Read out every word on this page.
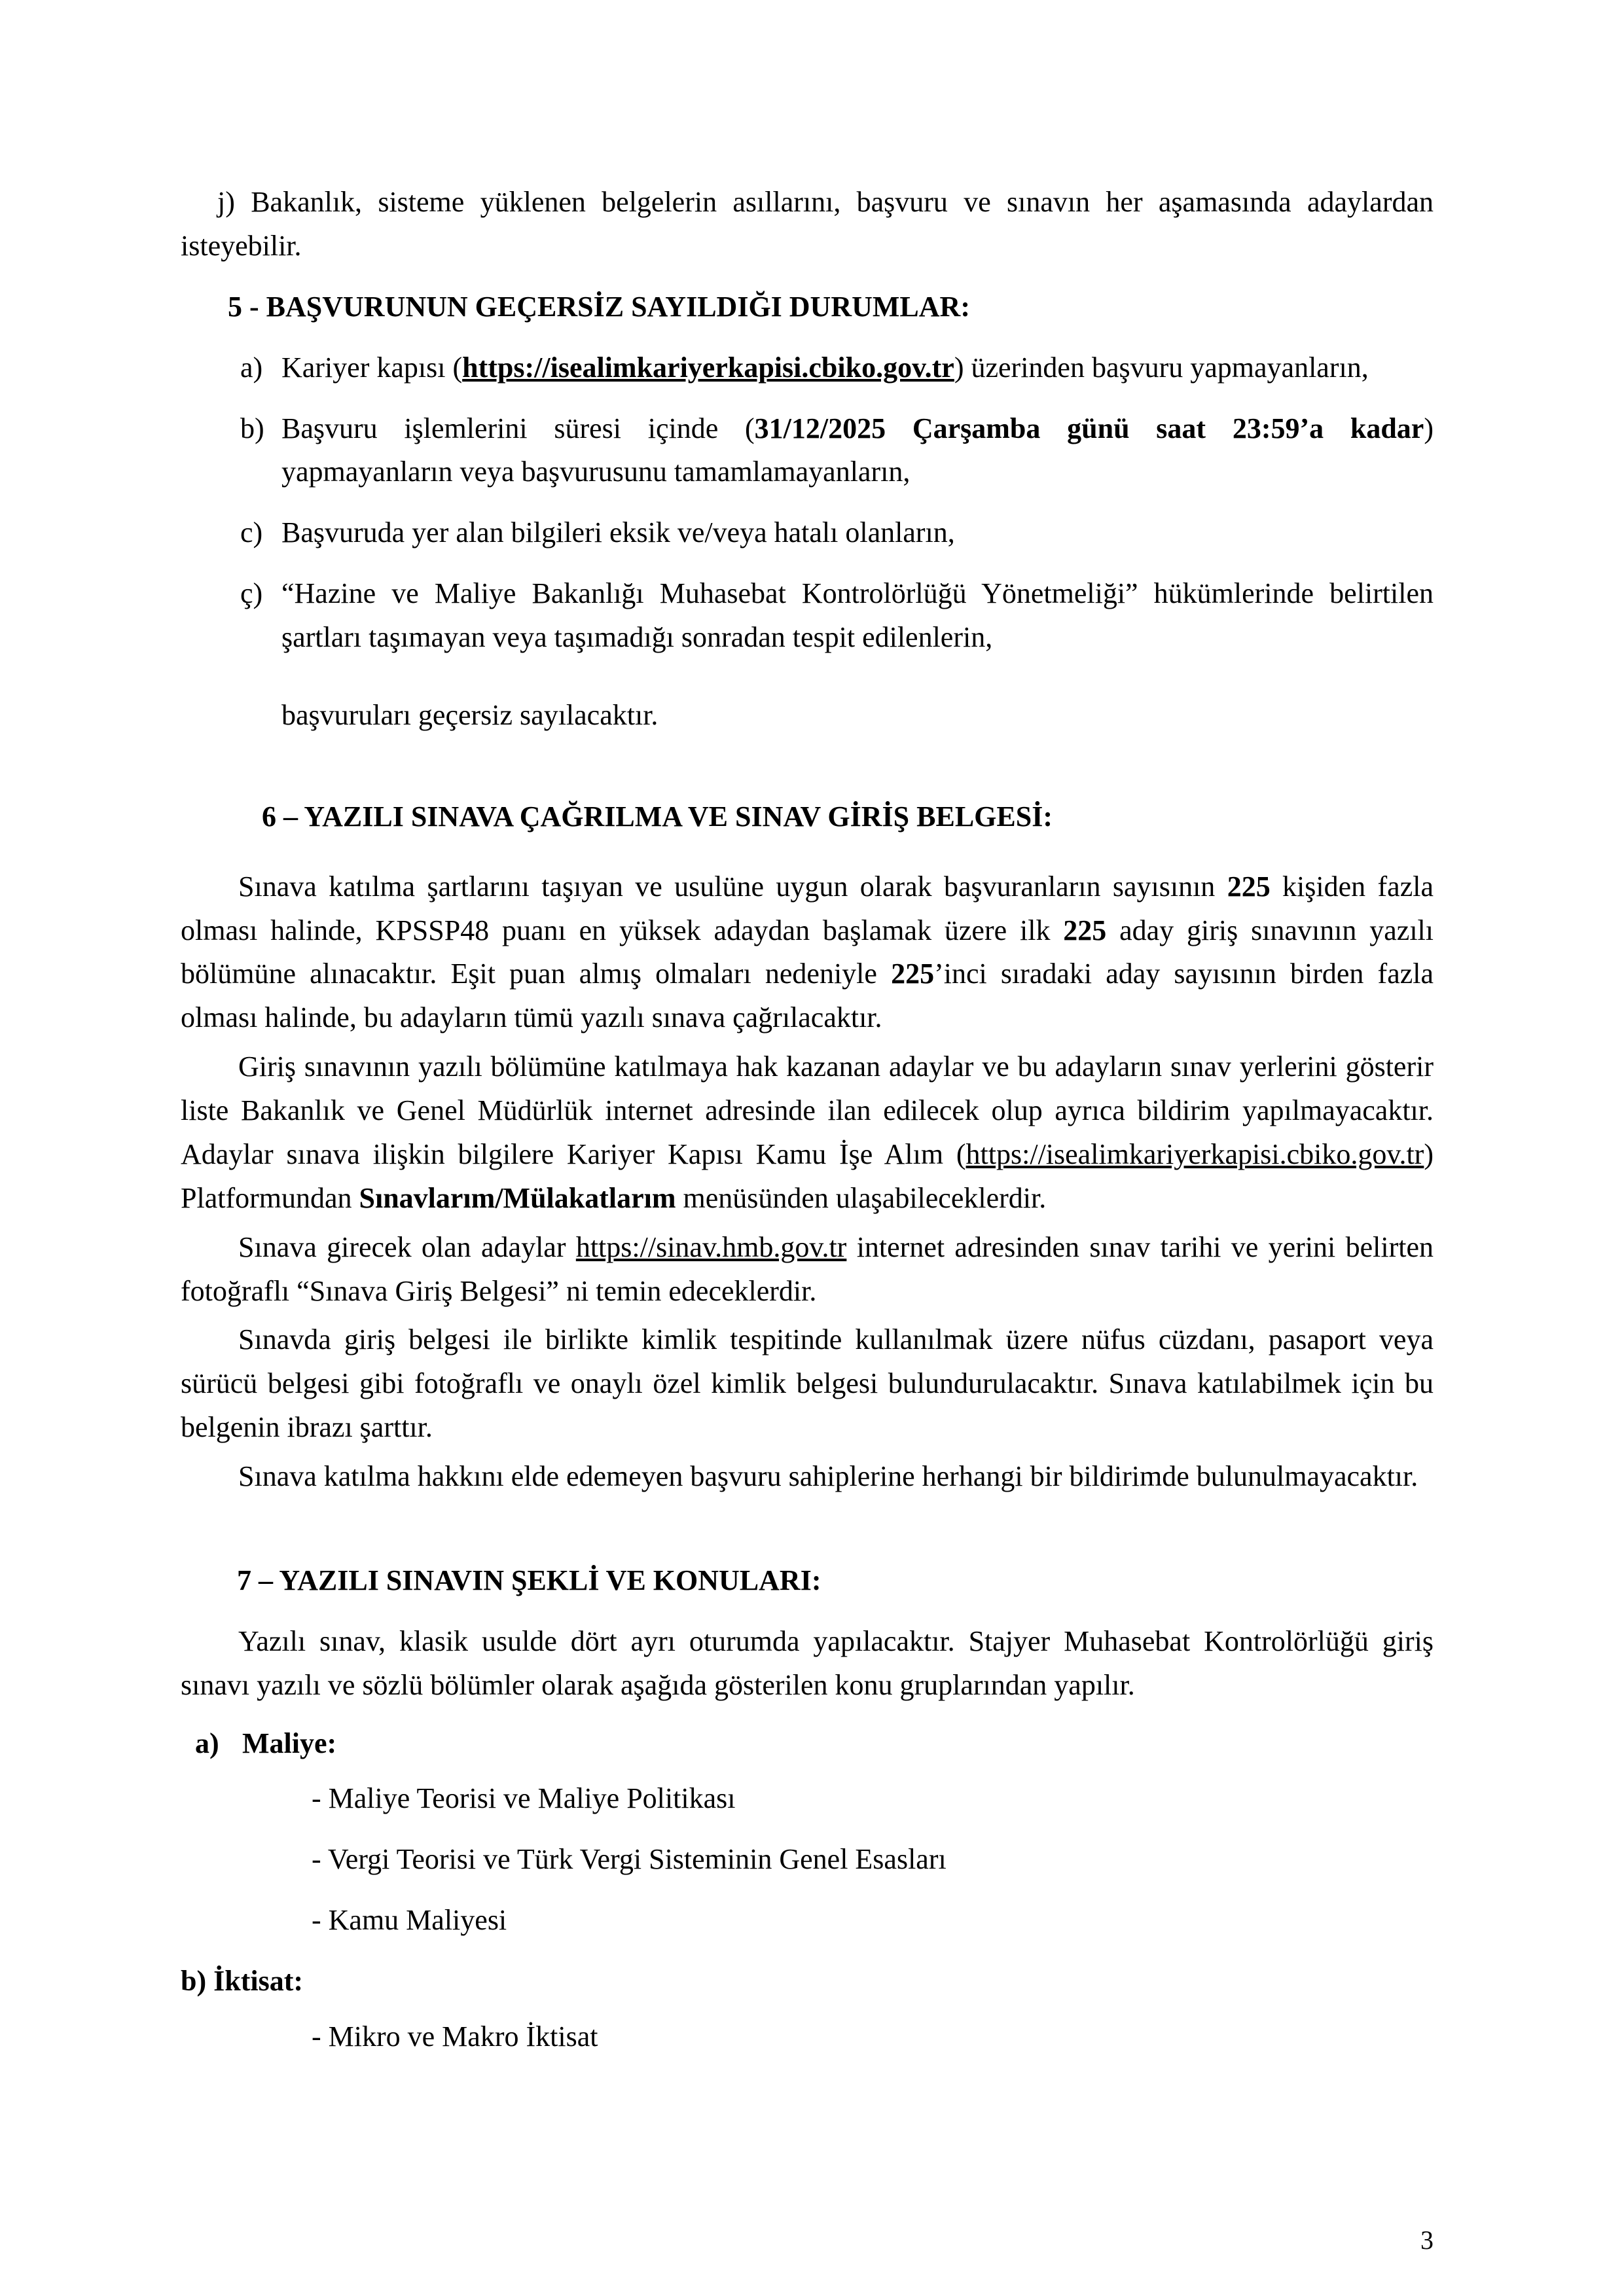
j) Bakanlık, sisteme yüklenen belgelerin asıllarını, başvuru ve sınavın her aşamasında adaylardan isteyebilir.

5 - BAŞVURUNUN GEÇERSİZ SAYILDIĞI DURUMLAR:

a) Kariyer kapısı (https://isealimkariyerkapisi.cbiko.gov.tr) üzerinden başvuru yapmayanların,
b) Başvuru işlemlerini süresi içinde (31/12/2025 Çarşamba günü saat 23:59’a kadar) yapmayanların veya başvurusunu tamamlamayanların,
c) Başvuruda yer alan bilgileri eksik ve/veya hatalı olanların,
ç) “Hazine ve Maliye Bakanlığı Muhasebat Kontrolörlüğü Yönetmeliği” hükümlerinde belirtilen şartları taşımayan veya taşımadığı sonradan tespit edilenlerin,

başvuruları geçersiz sayılacaktır.

6 – YAZILI SINAVA ÇAĞRILMA VE SINAV GİRİŞ BELGESİ:

Sınava katılma şartlarını taşıyan ve usulüne uygun olarak başvuranların sayısının 225 kişiden fazla olması halinde, KPSSP48 puanı en yüksek adaydan başlamak üzere ilk 225 aday giriş sınavının yazılı bölümüne alınacaktır. Eşit puan almış olmaları nedeniyle 225’inci sıradaki aday sayısının birden fazla olması halinde, bu adayların tümü yazılı sınava çağrılacaktır.

Giriş sınavının yazılı bölümüne katılmaya hak kazanan adaylar ve bu adayların sınav yerlerini gösterir liste Bakanlık ve Genel Müdürlük internet adresinde ilan edilecek olup ayrıca bildirim yapılmayacaktır. Adaylar sınava ilişkin bilgilere Kariyer Kapısı Kamu İşe Alım (https://isealimkariyerkapisi.cbiko.gov.tr) Platformundan Sınavlarım/Mülakatlarım menüsünden ulaşabileceklerdir.

Sınava girecek olan adaylar https://sinav.hmb.gov.tr internet adresinden sınav tarihi ve yerini belirten fotoğraflı “Sınava Giriş Belgesi” ni temin edeceklerdir.

Sınavda giriş belgesi ile birlikte kimlik tespitinde kullanılmak üzere nüfus cüzdanı, pasaport veya sürücü belgesi gibi fotoğraflı ve onaylı özel kimlik belgesi bulundurulacaktır. Sınava katılabilmek için bu belgenin ibrazı şarttır.

Sınava katılma hakkını elde edemeyen başvuru sahiplerine herhangi bir bildirimde bulunulmayacaktır.

7 – YAZILI SINAVIN ŞEKLİ VE KONULARI:

Yazılı sınav, klasik usulde dört ayrı oturumda yapılacaktır. Stajyer Muhasebat Kontrolörlüğü giriş sınavı yazılı ve sözlü bölümler olarak aşağıda gösterilen konu gruplarından yapılır.

a) Maliye:

- Maliye Teorisi ve Maliye Politikası
- Vergi Teorisi ve Türk Vergi Sisteminin Genel Esasları
- Kamu Maliyesi

b) İktisat:

- Mikro ve Makro İktisat
3
